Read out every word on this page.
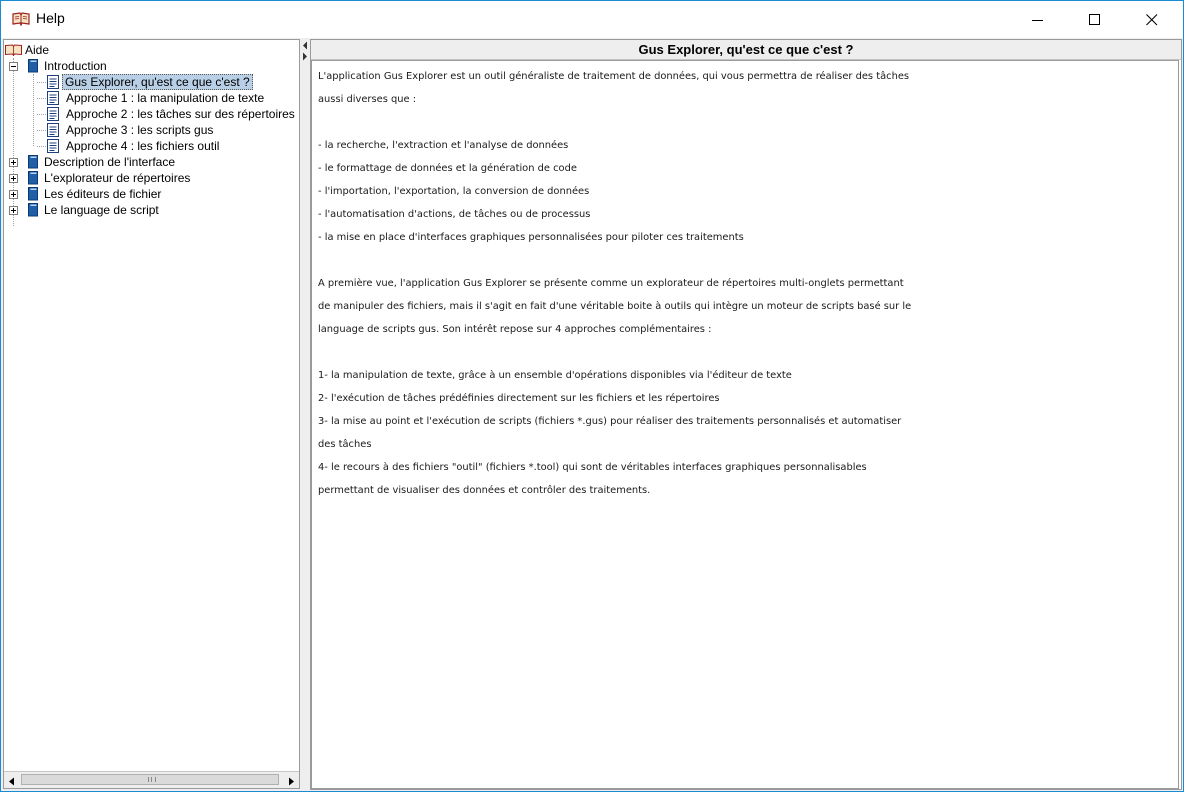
Help
Aide
Introduction
Gus Explorer, qu'est ce que c'est ?
Approche 1 : la manipulation de texte
Approche 2 : les tâches sur des répertoires
Approche 3 : les scripts gus
Approche 4 : les fichiers outil
Description de l'interface
L'explorateur de répertoires
Les éditeurs de fichier
Le language de script
Gus Explorer, qu'est ce que c'est ?

L'application Gus Explorer est un outil généraliste de traitement de données, qui vous permettra de réaliser des tâches

aussi diverses que :

- la recherche, l'extraction et l'analyse de données

- le formattage de données et la génération de code

- l'importation, l'exportation, la conversion de données

- l'automatisation d'actions, de tâches ou de processus

- la mise en place d'interfaces graphiques personnalisées pour piloter ces traitements

A première vue, l'application Gus Explorer se présente comme un explorateur de répertoires multi-onglets permettant

de manipuler des fichiers, mais il s'agit en fait d'une véritable boite à outils qui intègre un moteur de scripts basé sur le

language de scripts gus. Son intérêt repose sur 4 approches complémentaires :

1- la manipulation de texte, grâce à un ensemble d'opérations disponibles via l'éditeur de texte

2- l'exécution de tâches prédéfinies directement sur les fichiers et les répertoires

3- la mise au point et l'exécution de scripts (fichiers *.gus) pour réaliser des traitements personnalisés et automatiser

des tâches

4- le recours à des fichiers "outil" (fichiers *.tool) qui sont de véritables interfaces graphiques personnalisables

permettant de visualiser des données et contrôler des traitements.
